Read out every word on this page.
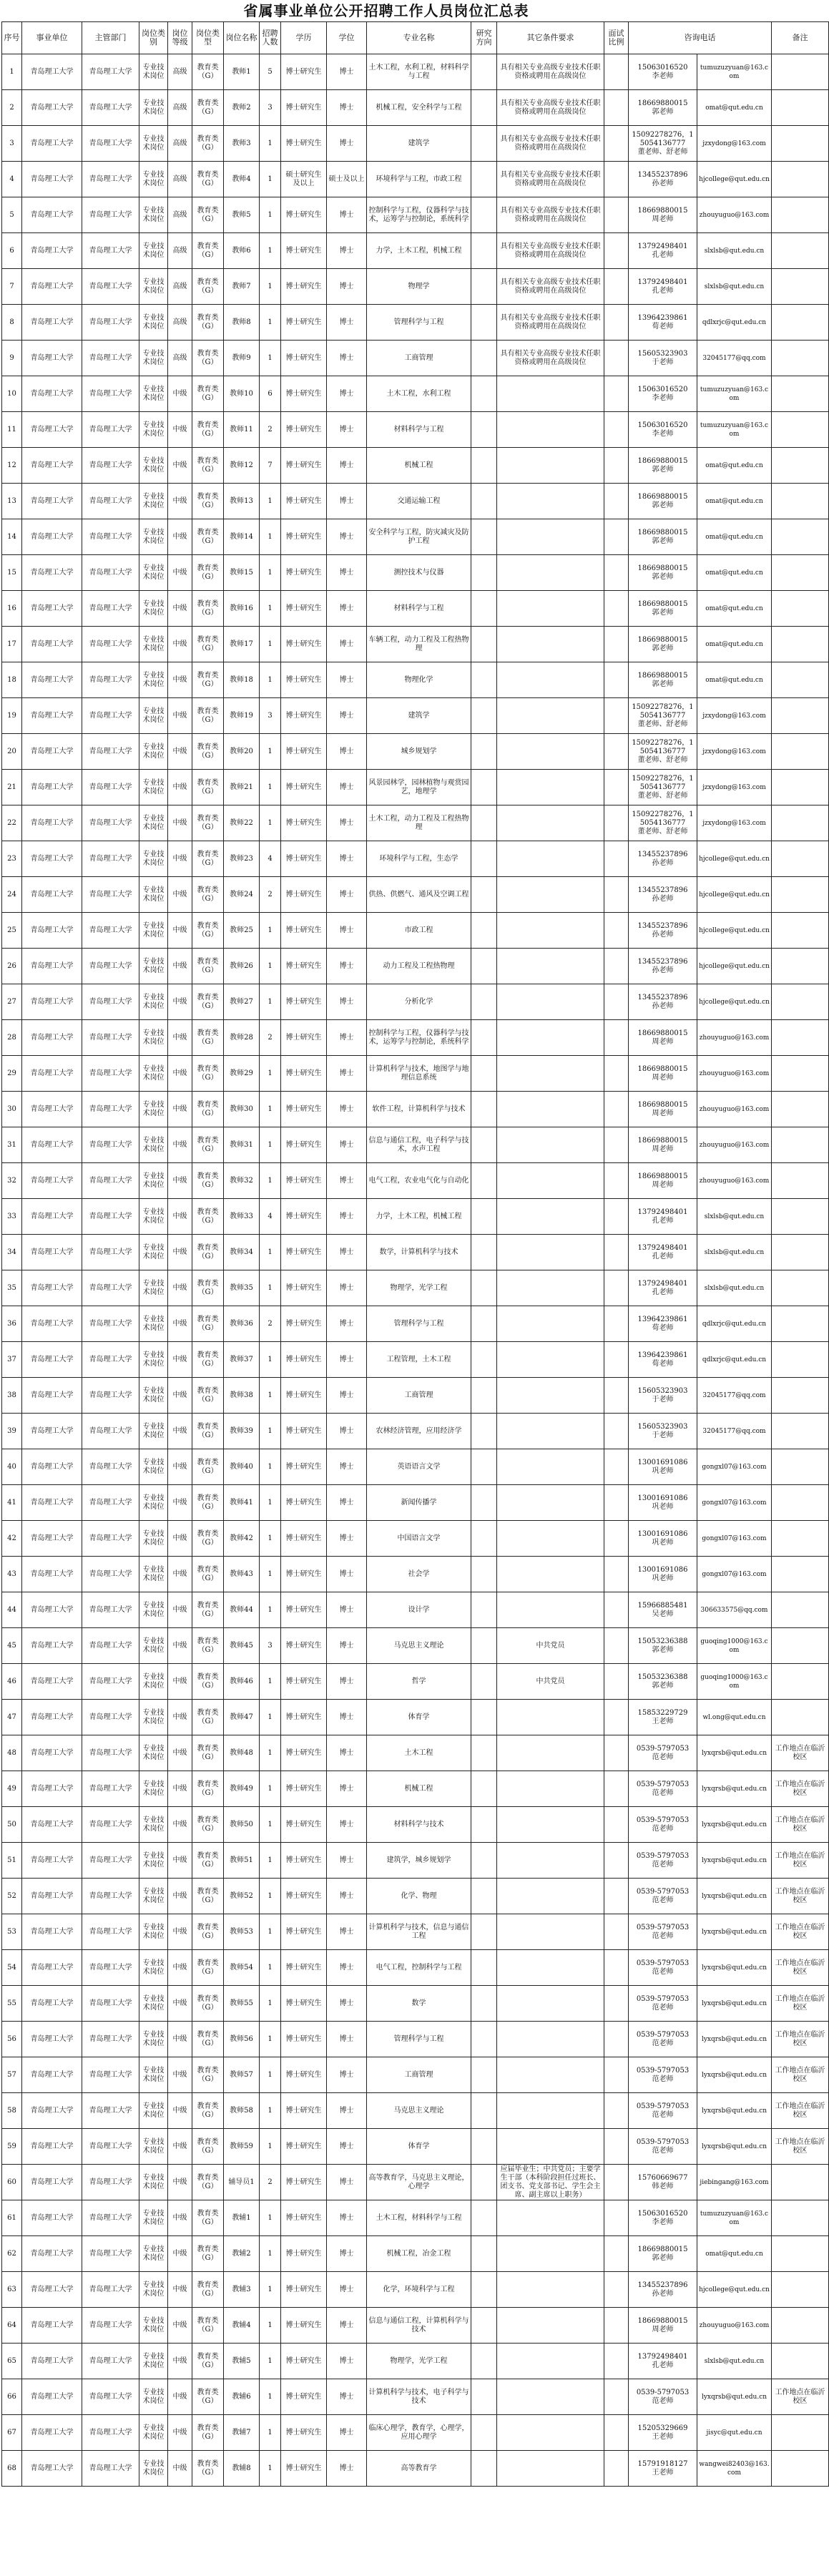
省属事业单位公开招聘工作人员岗位汇总表
序号	事业单位	主管部门	岗位类别	岗位等级	岗位类型	岗位名称	招聘人数	学历	学位	专业名称	研究方向	其它条件要求	面试比例	咨询电话		备注
1	青岛理工大学	青岛理工大学	专业技术岗位	高级	教育类（G）	教师1	5	博士研究生	博士	土木工程，水利工程，材料科学与工程		具有相关专业高级专业技术任职资格或聘用在高级岗位		15063016520
李老师	tumuzuzyuan@163.com	
2	青岛理工大学	青岛理工大学	专业技术岗位	高级	教育类（G）	教师2	3	博士研究生	博士	机械工程，安全科学与工程		具有相关专业高级专业技术任职资格或聘用在高级岗位		18669880015
郭老师	omat@qut.edu.cn	
3	青岛理工大学	青岛理工大学	专业技术岗位	高级	教育类（G）	教师3	1	博士研究生	博士	建筑学		具有相关专业高级专业技术任职资格或聘用在高级岗位		15092278276，15054136777
董老师、舒老师	jzxydong@163.com	
4	青岛理工大学	青岛理工大学	专业技术岗位	高级	教育类（G）	教师4	1	硕士研究生及以上	硕士及以上	环境科学与工程，市政工程		具有相关专业高级专业技术任职资格或聘用在高级岗位		13455237896
孙老师	hjcollege@qut.edu.cn	
5	青岛理工大学	青岛理工大学	专业技术岗位	高级	教育类（G）	教师5	1	博士研究生	博士	控制科学与工程，仪器科学与技术，运筹学与控制论，系统科学		具有相关专业高级专业技术任职资格或聘用在高级岗位		18669880015
周老师	zhouyuguo@163.com	
6	青岛理工大学	青岛理工大学	专业技术岗位	高级	教育类（G）	教师6	1	博士研究生	博士	力学，土木工程，机械工程		具有相关专业高级专业技术任职资格或聘用在高级岗位		13792498401
孔老师	slxlsb@qut.edu.cn	
7	青岛理工大学	青岛理工大学	专业技术岗位	高级	教育类（G）	教师7	1	博士研究生	博士	物理学		具有相关专业高级专业技术任职资格或聘用在高级岗位		13792498401
孔老师	slxlsb@qut.edu.cn	
8	青岛理工大学	青岛理工大学	专业技术岗位	高级	教育类（G）	教师8	1	博士研究生	博士	管理科学与工程		具有相关专业高级专业技术任职资格或聘用在高级岗位		13964239861
荀老师	qdlxrjc@qut.edu.cn	
9	青岛理工大学	青岛理工大学	专业技术岗位	高级	教育类（G）	教师9	1	博士研究生	博士	工商管理		具有相关专业高级专业技术任职资格或聘用在高级岗位		15605323903
于老师	32045177@qq.com	
10	青岛理工大学	青岛理工大学	专业技术岗位	中级	教育类（G）	教师10	6	博士研究生	博士	土木工程，水利工程				15063016520
李老师	tumuzuzyuan@163.com	
11	青岛理工大学	青岛理工大学	专业技术岗位	中级	教育类（G）	教师11	2	博士研究生	博士	材料科学与工程				15063016520
李老师	tumuzuzyuan@163.com	
12	青岛理工大学	青岛理工大学	专业技术岗位	中级	教育类（G）	教师12	7	博士研究生	博士	机械工程				18669880015
郭老师	omat@qut.edu.cn	
13	青岛理工大学	青岛理工大学	专业技术岗位	中级	教育类（G）	教师13	1	博士研究生	博士	交通运输工程				18669880015
郭老师	omat@qut.edu.cn	
14	青岛理工大学	青岛理工大学	专业技术岗位	中级	教育类（G）	教师14	1	博士研究生	博士	安全科学与工程，防灾减灾及防护工程				18669880015
郭老师	omat@qut.edu.cn	
15	青岛理工大学	青岛理工大学	专业技术岗位	中级	教育类（G）	教师15	1	博士研究生	博士	测控技术与仪器				18669880015
郭老师	omat@qut.edu.cn	
16	青岛理工大学	青岛理工大学	专业技术岗位	中级	教育类（G）	教师16	1	博士研究生	博士	材料科学与工程				18669880015
郭老师	omat@qut.edu.cn	
17	青岛理工大学	青岛理工大学	专业技术岗位	中级	教育类（G）	教师17	1	博士研究生	博士	车辆工程，动力工程及工程热物理				18669880015
郭老师	omat@qut.edu.cn	
18	青岛理工大学	青岛理工大学	专业技术岗位	中级	教育类（G）	教师18	1	博士研究生	博士	物理化学				18669880015
郭老师	omat@qut.edu.cn	
19	青岛理工大学	青岛理工大学	专业技术岗位	中级	教育类（G）	教师19	3	博士研究生	博士	建筑学				15092278276，15054136777
董老师、舒老师	jzxydong@163.com	
20	青岛理工大学	青岛理工大学	专业技术岗位	中级	教育类（G）	教师20	1	博士研究生	博士	城乡规划学				15092278276，15054136777
董老师、舒老师	jzxydong@163.com	
21	青岛理工大学	青岛理工大学	专业技术岗位	中级	教育类（G）	教师21	1	博士研究生	博士	风景园林学，园林植物与观赏园艺，地理学				15092278276，15054136777
董老师、舒老师	jzxydong@163.com	
22	青岛理工大学	青岛理工大学	专业技术岗位	中级	教育类（G）	教师22	1	博士研究生	博士	土木工程，动力工程及工程热物理				15092278276，15054136777
董老师、舒老师	jzxydong@163.com	
23	青岛理工大学	青岛理工大学	专业技术岗位	中级	教育类（G）	教师23	4	博士研究生	博士	环境科学与工程，生态学				13455237896
孙老师	hjcollege@qut.edu.cn	
24	青岛理工大学	青岛理工大学	专业技术岗位	中级	教育类（G）	教师24	2	博士研究生	博士	供热、供燃气、通风及空调工程				13455237896
孙老师	hjcollege@qut.edu.cn	
25	青岛理工大学	青岛理工大学	专业技术岗位	中级	教育类（G）	教师25	1	博士研究生	博士	市政工程				13455237896
孙老师	hjcollege@qut.edu.cn	
26	青岛理工大学	青岛理工大学	专业技术岗位	中级	教育类（G）	教师26	1	博士研究生	博士	动力工程及工程热物理				13455237896
孙老师	hjcollege@qut.edu.cn	
27	青岛理工大学	青岛理工大学	专业技术岗位	中级	教育类（G）	教师27	1	博士研究生	博士	分析化学				13455237896
孙老师	hjcollege@qut.edu.cn	
28	青岛理工大学	青岛理工大学	专业技术岗位	中级	教育类（G）	教师28	2	博士研究生	博士	控制科学与工程，仪器科学与技术，运筹学与控制论，系统科学				18669880015
周老师	zhouyuguo@163.com	
29	青岛理工大学	青岛理工大学	专业技术岗位	中级	教育类（G）	教师29	1	博士研究生	博士	计算机科学与技术，地图学与地理信息系统				18669880015
周老师	zhouyuguo@163.com	
30	青岛理工大学	青岛理工大学	专业技术岗位	中级	教育类（G）	教师30	1	博士研究生	博士	软件工程，计算机科学与技术				18669880015
周老师	zhouyuguo@163.com	
31	青岛理工大学	青岛理工大学	专业技术岗位	中级	教育类（G）	教师31	1	博士研究生	博士	信息与通信工程，电子科学与技术，水声工程				18669880015
周老师	zhouyuguo@163.com	
32	青岛理工大学	青岛理工大学	专业技术岗位	中级	教育类（G）	教师32	1	博士研究生	博士	电气工程，农业电气化与自动化				18669880015
周老师	zhouyuguo@163.com	
33	青岛理工大学	青岛理工大学	专业技术岗位	中级	教育类（G）	教师33	4	博士研究生	博士	力学，土木工程，机械工程				13792498401
孔老师	slxlsb@qut.edu.cn	
34	青岛理工大学	青岛理工大学	专业技术岗位	中级	教育类（G）	教师34	1	博士研究生	博士	数学，计算机科学与技术				13792498401
孔老师	slxlsb@qut.edu.cn	
35	青岛理工大学	青岛理工大学	专业技术岗位	中级	教育类（G）	教师35	1	博士研究生	博士	物理学，光学工程				13792498401
孔老师	slxlsb@qut.edu.cn	
36	青岛理工大学	青岛理工大学	专业技术岗位	中级	教育类（G）	教师36	2	博士研究生	博士	管理科学与工程				13964239861
荀老师	qdlxrjc@qut.edu.cn	
37	青岛理工大学	青岛理工大学	专业技术岗位	中级	教育类（G）	教师37	1	博士研究生	博士	工程管理，土木工程				13964239861
荀老师	qdlxrjc@qut.edu.cn	
38	青岛理工大学	青岛理工大学	专业技术岗位	中级	教育类（G）	教师38	1	博士研究生	博士	工商管理				15605323903
于老师	32045177@qq.com	
39	青岛理工大学	青岛理工大学	专业技术岗位	中级	教育类（G）	教师39	1	博士研究生	博士	农林经济管理，应用经济学				15605323903
于老师	32045177@qq.com	
40	青岛理工大学	青岛理工大学	专业技术岗位	中级	教育类（G）	教师40	1	博士研究生	博士	英语语言文学				13001691086
巩老师	gongxl07@163.com	
41	青岛理工大学	青岛理工大学	专业技术岗位	中级	教育类（G）	教师41	1	博士研究生	博士	新闻传播学				13001691086
巩老师	gongxl07@163.com	
42	青岛理工大学	青岛理工大学	专业技术岗位	中级	教育类（G）	教师42	1	博士研究生	博士	中国语言文学				13001691086
巩老师	gongxl07@163.com	
43	青岛理工大学	青岛理工大学	专业技术岗位	中级	教育类（G）	教师43	1	博士研究生	博士	社会学				13001691086
巩老师	gongxl07@163.com	
44	青岛理工大学	青岛理工大学	专业技术岗位	中级	教育类（G）	教师44	1	博士研究生	博士	设计学				15966885481
吴老师	306633575@qq.com	
45	青岛理工大学	青岛理工大学	专业技术岗位	中级	教育类（G）	教师45	3	博士研究生	博士	马克思主义理论		中共党员		15053236388
郭老师	guoqing1000@163.com	
46	青岛理工大学	青岛理工大学	专业技术岗位	中级	教育类（G）	教师46	1	博士研究生	博士	哲学		中共党员		15053236388
郭老师	guoqing1000@163.com	
47	青岛理工大学	青岛理工大学	专业技术岗位	中级	教育类（G）	教师47	1	博士研究生	博士	体育学				15853229729
王老师	wl.ong@qut.edu.cn	
48	青岛理工大学	青岛理工大学	专业技术岗位	中级	教育类（G）	教师48	1	博士研究生	博士	土木工程				0539-5797053
范老师	lyxqrsb@qut.edu.cn	工作地点在临沂校区
49	青岛理工大学	青岛理工大学	专业技术岗位	中级	教育类（G）	教师49	1	博士研究生	博士	机械工程				0539-5797053
范老师	lyxqrsb@qut.edu.cn	工作地点在临沂校区
50	青岛理工大学	青岛理工大学	专业技术岗位	中级	教育类（G）	教师50	1	博士研究生	博士	材料科学与技术				0539-5797053
范老师	lyxqrsb@qut.edu.cn	工作地点在临沂校区
51	青岛理工大学	青岛理工大学	专业技术岗位	中级	教育类（G）	教师51	1	博士研究生	博士	建筑学，城乡规划学				0539-5797053
范老师	lyxqrsb@qut.edu.cn	工作地点在临沂校区
52	青岛理工大学	青岛理工大学	专业技术岗位	中级	教育类（G）	教师52	1	博士研究生	博士	化学、物理				0539-5797053
范老师	lyxqrsb@qut.edu.cn	工作地点在临沂校区
53	青岛理工大学	青岛理工大学	专业技术岗位	中级	教育类（G）	教师53	1	博士研究生	博士	计算机科学与技术，信息与通信工程				0539-5797053
范老师	lyxqrsb@qut.edu.cn	工作地点在临沂校区
54	青岛理工大学	青岛理工大学	专业技术岗位	中级	教育类（G）	教师54	1	博士研究生	博士	电气工程，控制科学与工程				0539-5797053
范老师	lyxqrsb@qut.edu.cn	工作地点在临沂校区
55	青岛理工大学	青岛理工大学	专业技术岗位	中级	教育类（G）	教师55	1	博士研究生	博士	数学				0539-5797053
范老师	lyxqrsb@qut.edu.cn	工作地点在临沂校区
56	青岛理工大学	青岛理工大学	专业技术岗位	中级	教育类（G）	教师56	1	博士研究生	博士	管理科学与工程				0539-5797053
范老师	lyxqrsb@qut.edu.cn	工作地点在临沂校区
57	青岛理工大学	青岛理工大学	专业技术岗位	中级	教育类（G）	教师57	1	博士研究生	博士	工商管理				0539-5797053
范老师	lyxqrsb@qut.edu.cn	工作地点在临沂校区
58	青岛理工大学	青岛理工大学	专业技术岗位	中级	教育类（G）	教师58	1	博士研究生	博士	马克思主义理论				0539-5797053
范老师	lyxqrsb@qut.edu.cn	工作地点在临沂校区
59	青岛理工大学	青岛理工大学	专业技术岗位	中级	教育类（G）	教师59	1	博士研究生	博士	体育学				0539-5797053
范老师	lyxqrsb@qut.edu.cn	工作地点在临沂校区
60	青岛理工大学	青岛理工大学	专业技术岗位	中级	教育类（G）	辅导员1	2	博士研究生	博士	高等教育学，马克思主义理论，心理学		应届毕业生；中共党员；主要学生干部（本科阶段担任过班长、团支书、党支部书记、学生会主席、副主席以上职务）		15760669677
韩老师	jiebingang@163.com	
61	青岛理工大学	青岛理工大学	专业技术岗位	中级	教育类（G）	教辅1	1	博士研究生	博士	土木工程，材料科学与工程				15063016520
李老师	tumuzuzyuan@163.com	
62	青岛理工大学	青岛理工大学	专业技术岗位	中级	教育类（G）	教辅2	1	博士研究生	博士	机械工程，冶金工程				18669880015
郭老师	omat@qut.edu.cn	
63	青岛理工大学	青岛理工大学	专业技术岗位	中级	教育类（G）	教辅3	1	博士研究生	博士	化学，环境科学与工程				13455237896
孙老师	hjcollege@qut.edu.cn	
64	青岛理工大学	青岛理工大学	专业技术岗位	中级	教育类（G）	教辅4	1	博士研究生	博士	信息与通信工程，计算机科学与技术				18669880015
周老师	zhouyuguo@163.com	
65	青岛理工大学	青岛理工大学	专业技术岗位	中级	教育类（G）	教辅5	1	博士研究生	博士	物理学，光学工程				13792498401
孔老师	slxlsb@qut.edu.cn	
66	青岛理工大学	青岛理工大学	专业技术岗位	中级	教育类（G）	教辅6	1	博士研究生	博士	计算机科学与技术，电子科学与技术				0539-5797053
范老师	lyxqrsb@qut.edu.cn	工作地点在临沂校区
67	青岛理工大学	青岛理工大学	专业技术岗位	中级	教育类（G）	教辅7	1	博士研究生	博士	临床心理学，教育学，心理学，应用心理学				15205329669
王老师	jisyc@qut.edu.cn	
68	青岛理工大学	青岛理工大学	专业技术岗位	中级	教育类（G）	教辅8	1	博士研究生	博士	高等教育学				15791918127
王老师	wangwei82403@163.com	
